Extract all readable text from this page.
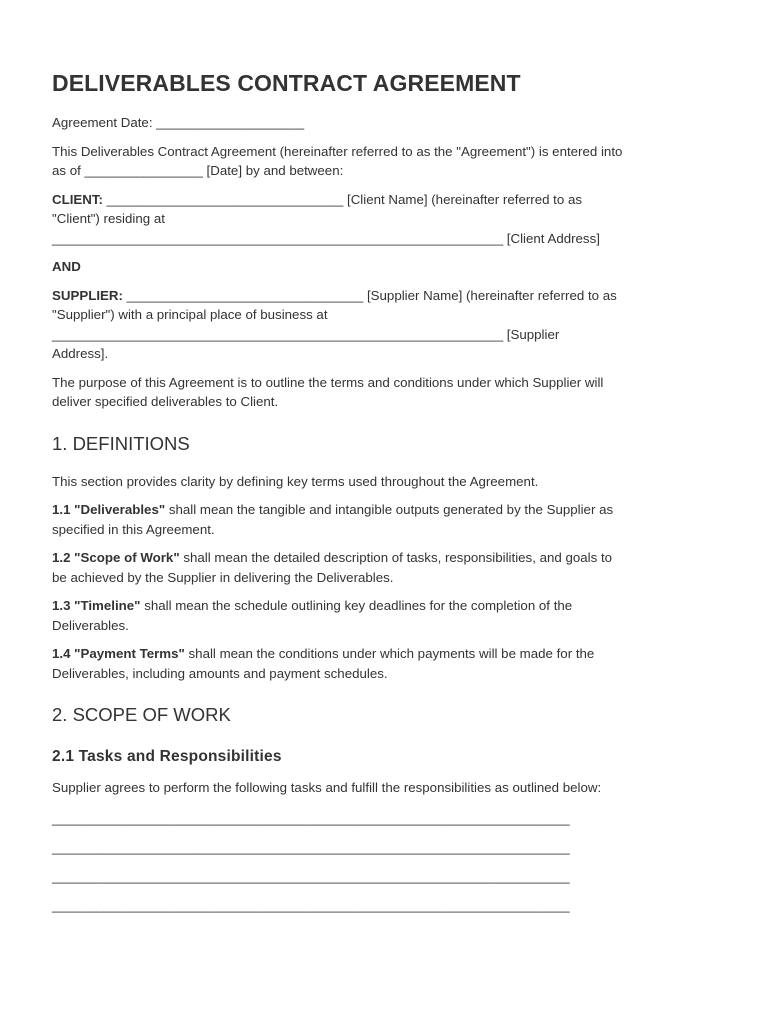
DELIVERABLES CONTRACT AGREEMENT

Agreement Date: ____________________

This Deliverables Contract Agreement (hereinafter referred to as the "Agreement") is entered into
as of ________________ [Date] by and between:

CLIENT: ________________________________ [Client Name] (hereinafter referred to as
"Client") residing at
_____________________________________________________________ [Client Address]

AND

SUPPLIER: ________________________________ [Supplier Name] (hereinafter referred to as
"Supplier") with a principal place of business at
_____________________________________________________________ [Supplier
Address].

The purpose of this Agreement is to outline the terms and conditions under which Supplier will
deliver specified deliverables to Client.

1. DEFINITIONS

This section provides clarity by defining key terms used throughout the Agreement.

1.1 "Deliverables" shall mean the tangible and intangible outputs generated by the Supplier as
specified in this Agreement.

1.2 "Scope of Work" shall mean the detailed description of tasks, responsibilities, and goals to
be achieved by the Supplier in delivering the Deliverables.

1.3 "Timeline" shall mean the schedule outlining key deadlines for the completion of the
Deliverables.

1.4 "Payment Terms" shall mean the conditions under which payments will be made for the
Deliverables, including amounts and payment schedules.

2. SCOPE OF WORK
2.1 Tasks and Responsibilities

Supplier agrees to perform the following tasks and fulfill the responsibilities as outlined below:

______________________________________________________________________
______________________________________________________________________
______________________________________________________________________
______________________________________________________________________
